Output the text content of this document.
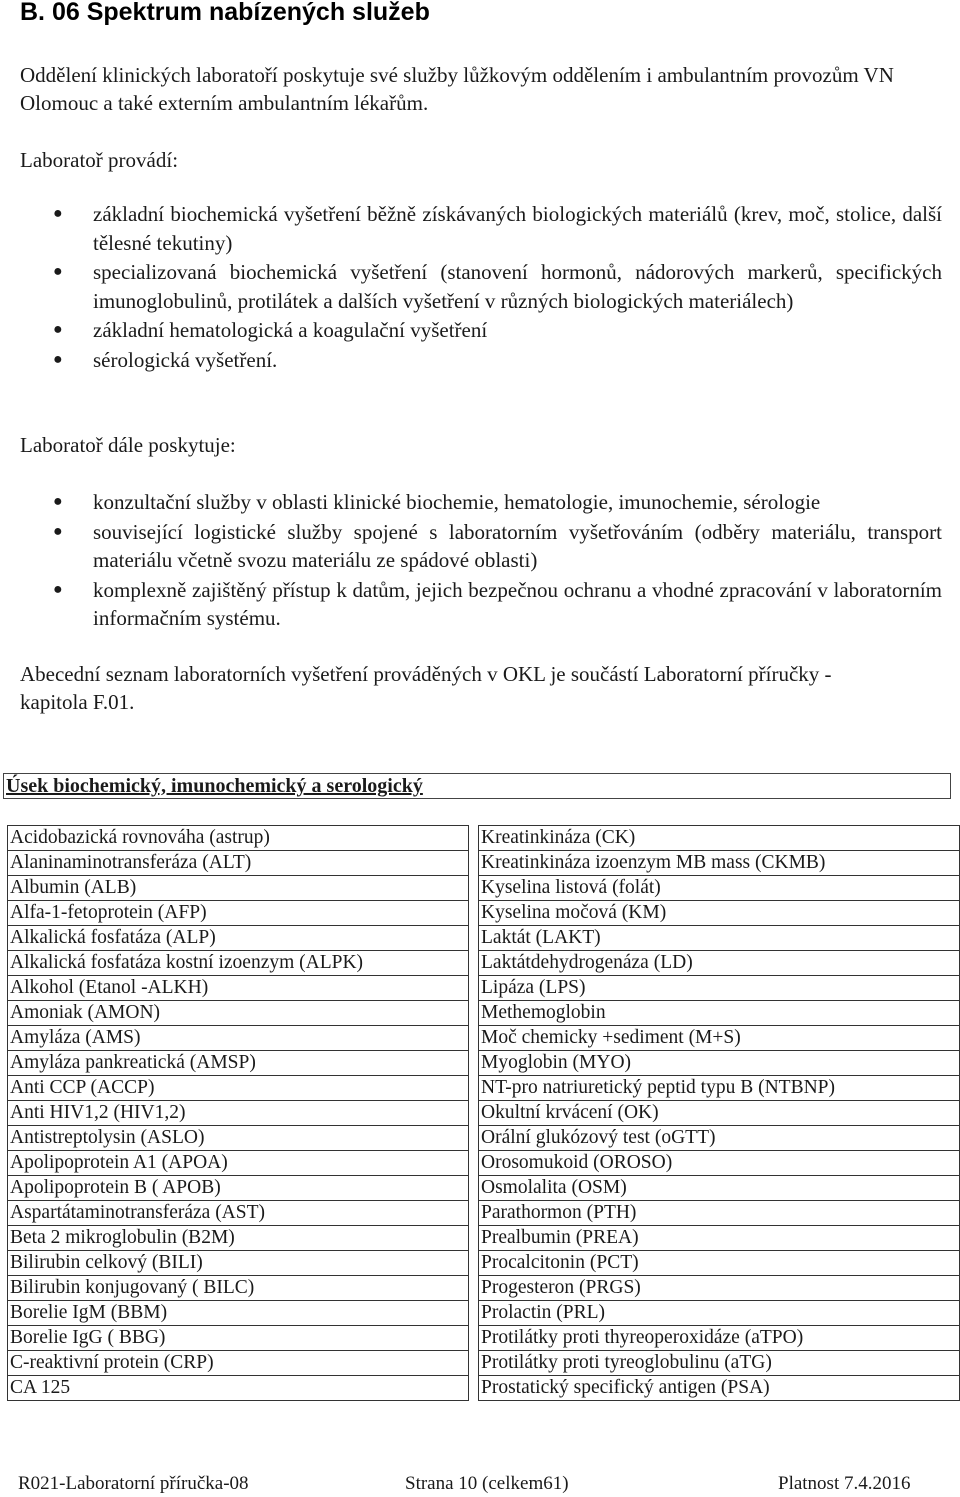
B. 06 Spektrum nabízených služeb

Oddělení klinických laboratoří poskytuje své služby lůžkovým oddělením i ambulantním provozům VN Olomouc a také externím ambulantním lékařům.

Laboratoř provádí:

● základní biochemická vyšetření běžně získávaných biologických materiálů (krev, moč, stolice, další tělesné tekutiny)
● specializovaná biochemická vyšetření (stanovení hormonů, nádorových markerů, specifických imunoglobulinů, protilátek a dalších vyšetření v různých biologických materiálech)
● základní hematologická a koagulační vyšetření
● sérologická vyšetření.

Laboratoř dále poskytuje:

● konzultační služby v oblasti klinické biochemie, hematologie, imunochemie, sérologie
● související logistické služby spojené s laboratorním vyšetřováním (odběry materiálu, transport materiálu včetně svozu materiálu ze spádové oblasti)
● komplexně zajištěný přístup k datům, jejich bezpečnou ochranu a vhodné zpracování v laboratorním informačním systému.

Abecední seznam laboratorních vyšetření prováděných v OKL je součástí Laboratorní příručky - kapitola F.01.

Úsek biochemický, imunochemický a serologický
Acidobazická rovnováha (astrup)		Kreatinkináza (CK)
Alaninaminotransferáza (ALT)		Kreatinkináza izoenzym MB mass (CKMB)
Albumin (ALB)		Kyselina listová (folát)
Alfa-1-fetoprotein (AFP)		Kyselina močová (KM)
Alkalická fosfatáza (ALP)		Laktát (LAKT)
Alkalická fosfatáza kostní izoenzym (ALPK)		Laktátdehydrogenáza (LD)
Alkohol (Etanol -ALKH)		Lipáza (LPS)
Amoniak (AMON)		Methemoglobin
Amyláza (AMS)		Moč chemicky +sediment (M+S)
Amyláza pankreatická (AMSP)		Myoglobin (MYO)
Anti CCP (ACCP)		NT-pro natriuretický peptid typu B (NTBNP)
Anti HIV1,2 (HIV1,2)		Okultní krvácení (OK)
Antistreptolysin (ASLO)		Orální glukózový test (oGTT)
Apolipoprotein A1 (APOA)		Orosomukoid (OROSO)
Apolipoprotein B ( APOB)		Osmolalita (OSM)
Aspartátaminotransferáza (AST)		Parathormon (PTH)
Beta 2 mikroglobulin (B2M)		Prealbumin (PREA)
Bilirubin celkový (BILI)		Procalcitonin (PCT)
Bilirubin konjugovaný ( BILC)		Progesteron (PRGS)
Borelie IgM (BBM)		Prolactin (PRL)
Borelie IgG ( BBG)		Protilátky proti thyreoperoxidáze (aTPO)
C-reaktivní protein (CRP)		Protilátky proti tyreoglobulinu (aTG)
CA 125		Prostatický specifický antigen (PSA)
R021-Laboratorní příručka-08	Strana 10 (celkem61)	Platnost 7.4.2016
